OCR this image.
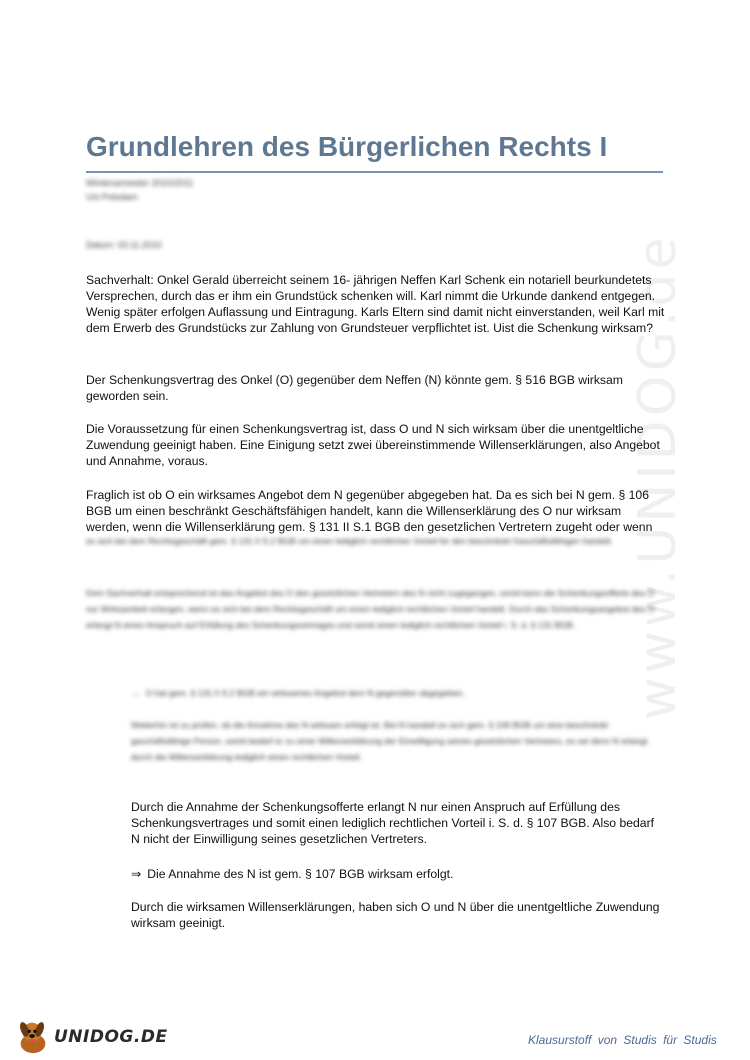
www.UNIDOG.de
Grundlehren des Bürgerlichen Rechts I
Wintersemester 2010/2011
Uni Potsdam
Datum: 03.11.2010

Sachverhalt: Onkel Gerald überreicht seinem 16- jährigen Neffen Karl Schenk ein notariell beurkundetets Versprechen, durch das er ihm ein Grundstück schenken will. Karl nimmt die Urkunde dankend entgegen. Wenig später erfolgen Auflassung und Eintragung. Karls Eltern sind damit nicht einverstanden, weil Karl mit dem Erwerb des Grundstücks zur Zahlung von Grundsteuer verpflichtet ist. Uist die Schenkung wirksam?

Der Schenkungsvertrag des Onkel (O) gegenüber dem Neffen (N) könnte gem. § 516 BGB wirksam geworden sein.

Die Voraussetzung für einen Schenkungsvertrag ist, dass O und N sich wirksam über die unentgeltliche Zuwendung geeinigt haben. Eine Einigung setzt zwei übereinstimmende Willenserklärungen, also Angebot und Annahme, voraus.

Fraglich ist ob O ein wirksames Angebot dem N gegenüber abgegeben hat. Da es sich bei N gem. § 106 BGB um einen beschränkt Geschäftsfähigen handelt, kann die Willenserklärung des O nur wirksam werden, wenn die Willenserklärung gem. § 131 II S.1 BGB den gesetzlichen Vertretern zugeht oder wenn

es sich bei dem Rechtsgeschäft gem. § 131 II S.2 BGB um einen lediglich rechtlichen Vorteil für den beschränkt Geschäftsfähigen handelt.

Dem Sachverhalt entsprechend ist das Angebot des O den gesetzlichen Vertretern des N nicht zugegangen, somit kann die Schenkungsofferte des O nur Wirksamkeit erlangen, wenn es sich bei dem Rechtsgeschäft um einen lediglich rechtlichen Vorteil handelt. Durch das Schenkungsangebot des O erlangt N einen Anspruch auf Erfüllung des Schenkungsvertrages und somit einen lediglich rechtlichen Vorteil i. S. d. § 131 BGB.

→ O hat gem. § 131 II S.2 BGB ein wirksames Angebot dem N gegenüber abgegeben.

Weiterhin ist zu prüfen, ob die Annahme des N wirksam erfolgt ist. Bei N handelt es sich gem. § 106 BGB um eine beschränkt geschäftsfähige Person, somit bedarf er zu einer Willenserklärung der Einwilligung seines gesetzlichen Vertreters, es sei denn N erlangt durch die Willenserklärung lediglich einen rechtlichen Vorteil.

Durch die Annahme der Schenkungsofferte erlangt N nur einen Anspruch auf Erfüllung des Schenkungsvertrages und somit einen lediglich rechtlichen Vorteil i. S. d. § 107 BGB. Also bedarf N nicht der Einwilligung seines gesetzlichen Vertreters.

⇒ Die Annahme des N ist gem. § 107 BGB wirksam erfolgt.

Durch die wirksamen Willenserklärungen, haben sich O und N über die unentgeltliche Zuwendung wirksam geeinigt.

UNIDOG.DE	Klausurstoff von Studis für Studis
